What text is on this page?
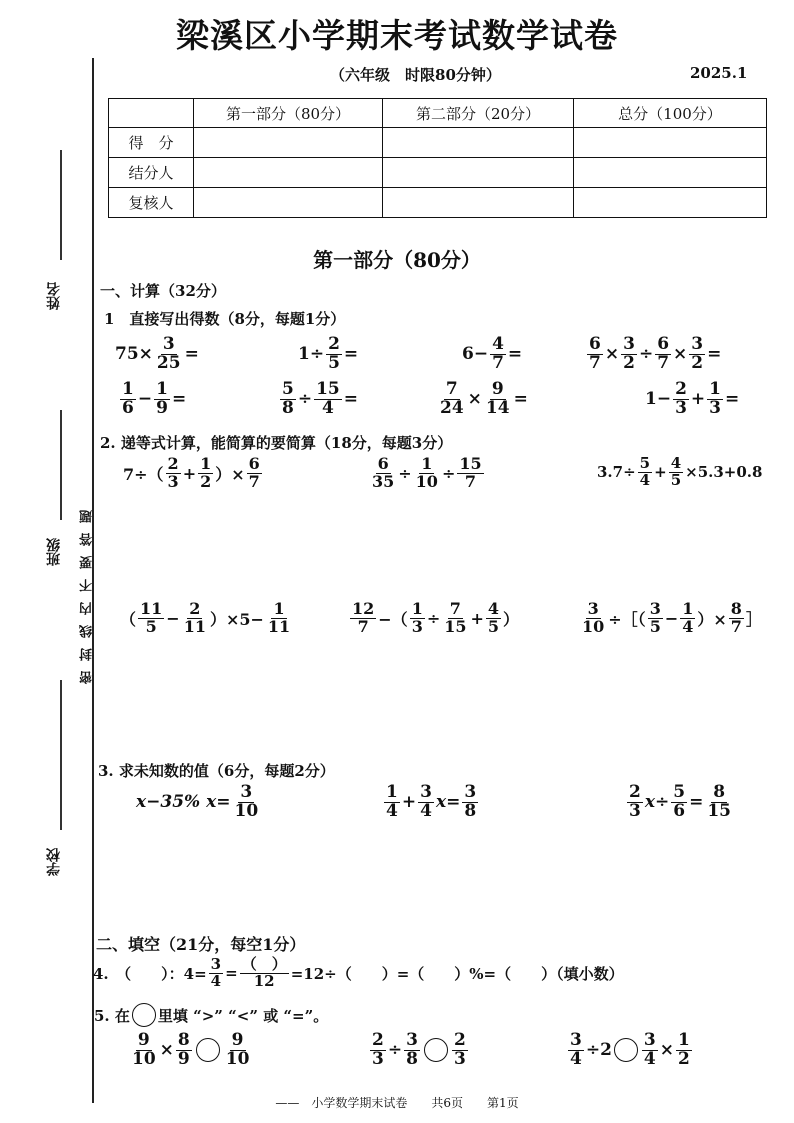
梁溪区小学期末考试数学试卷
（六年级　时限80分钟）	2025.1
	第一部分（80分）	第二部分（20分）	总分（100分）
得　分			
结分人			
复核人			
姓名
班级
学校
密封线内不要答题
第一部分（80分）
一、计算（32分）
1　直接写出得数（8分，每题1分）
$75\times \frac{3}{25}$ =	$1\div \frac{2}{5}$ =	$6- \frac{4}{7}$ =	$\frac{6}{7} \times \frac{3}{2} \div \frac{6}{7} \times \frac{3}{2}$ =
$\frac{1}{6} - \frac{1}{9}$ =	$\frac{5}{8} \div \frac{15}{4}$ =	$\frac{7}{24} \times \frac{9}{14}$ =	$1- \frac{2}{3} + \frac{1}{3}$ =
2. 递等式计算，能简算的要简算（18分，每题3分）
$7\div( \frac{2}{3} + \frac{1}{2}$ ）× $\frac{6}{7}$	$\frac{6}{35} \div \frac{1}{10} \div \frac{15}{7}$	$3.7\div \frac{5}{4} + \frac{4}{5} \times 5.3+0.8$
（ $\frac{11}{5} - \frac{2}{11} )\times 5- \frac{1}{11}$	$\frac{12}{7}$ −（ $\frac{1}{3} \div \frac{7}{15} + \frac{4}{5}$ ）	$\frac{3}{10}$ ÷［（ $\frac{3}{5} - \frac{1}{4}$ ）× $\frac{8}{7}$ ］
3. 求未知数的值（6分，每题2分）
x−35% $x= \frac{3}{10}$	$\frac{1}{4} + \frac{3}{4} x= \frac{3}{8}$	$\frac{2}{3} x\div \frac{5}{6} = \frac{8}{15}$
二、填空（21分，每空1分）
4.　（　　）：$4= \frac{3}{4} = \frac{( )}{12} =12\div$（　　）=（　　）%=（　　）（填小数）
5. 在 里填 “>” “<” 或 “=”。
$\frac{9}{10} \times \frac{8}{9} \frac{9}{10}$	$\frac{2}{3} \div \frac{3}{8} \frac{2}{3}$	$\frac{3}{4} \div 2 \frac{3}{4} \times \frac{1}{2}$
——　小学数学期末试卷　　共6页　　第1页
